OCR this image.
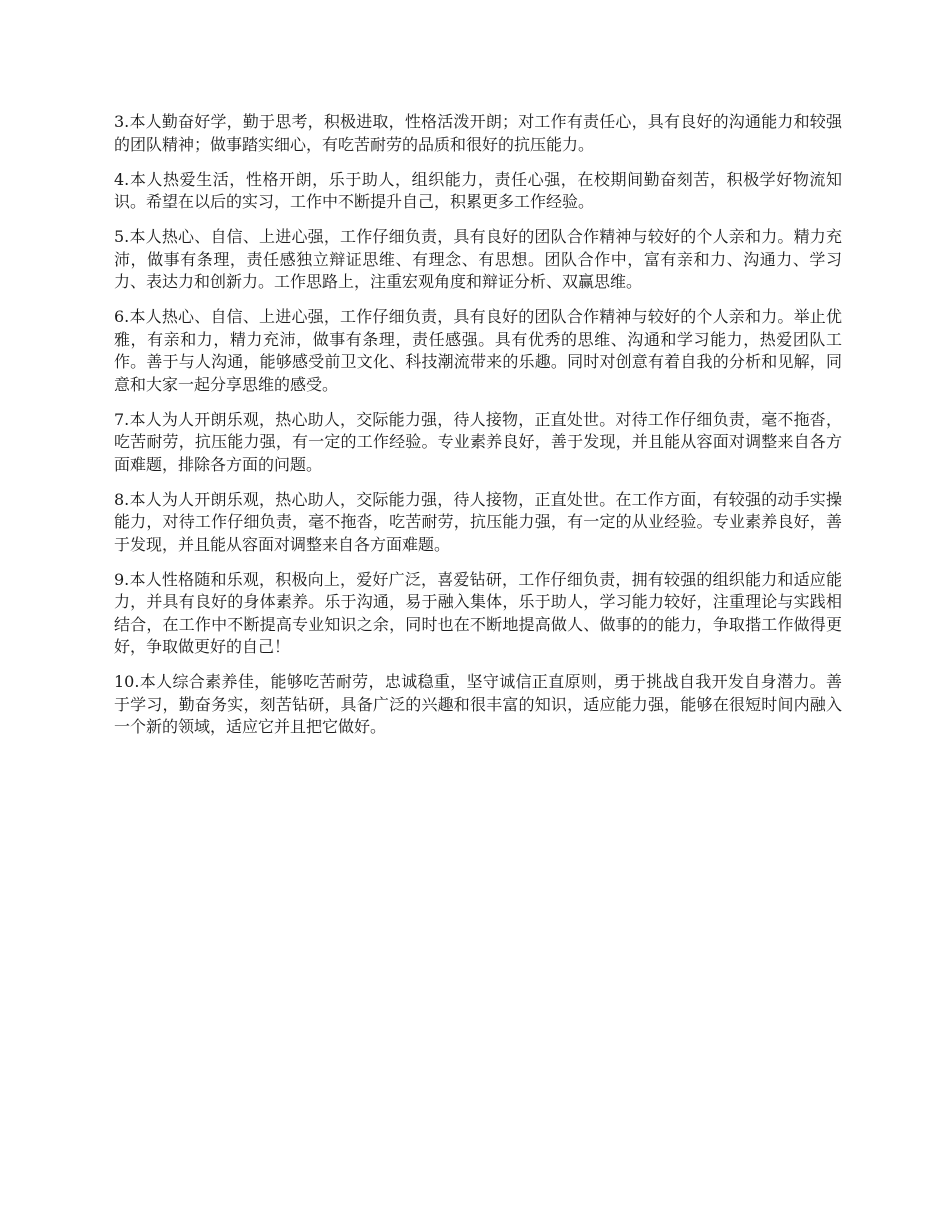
3.本人勤奋好学，勤于思考，积极进取，性格活泼开朗；对工作有责任心，具有良好的沟通能力和较强的团队精神；做事踏实细心，有吃苦耐劳的品质和很好的抗压能力。

4.本人热爱生活，性格开朗，乐于助人，组织能力，责任心强，在校期间勤奋刻苦，积极学好物流知识。希望在以后的实习，工作中不断提升自己，积累更多工作经验。

5.本人热心、自信、上进心强，工作仔细负责，具有良好的团队合作精神与较好的个人亲和力。精力充沛，做事有条理，责任感独立辩证思维、有理念、有思想。团队合作中，富有亲和力、沟通力、学习力、表达力和创新力。工作思路上，注重宏观角度和辩证分析、双赢思维。

6.本人热心、自信、上进心强，工作仔细负责，具有良好的团队合作精神与较好的个人亲和力。举止优雅，有亲和力，精力充沛，做事有条理，责任感强。具有优秀的思维、沟通和学习能力，热爱团队工作。善于与人沟通，能够感受前卫文化、科技潮流带来的乐趣。同时对创意有着自我的分析和见解，同意和大家一起分享思维的感受。

7.本人为人开朗乐观，热心助人，交际能力强，待人接物，正直处世。对待工作仔细负责，毫不拖沓，吃苦耐劳，抗压能力强，有一定的工作经验。专业素养良好，善于发现，并且能从容面对调整来自各方面难题，排除各方面的问题。

8.本人为人开朗乐观，热心助人，交际能力强，待人接物，正直处世。在工作方面，有较强的动手实操能力，对待工作仔细负责，毫不拖沓，吃苦耐劳，抗压能力强，有一定的从业经验。专业素养良好，善于发现，并且能从容面对调整来自各方面难题。

9.本人性格随和乐观，积极向上，爱好广泛，喜爱钻研，工作仔细负责，拥有较强的组织能力和适应能力，并具有良好的身体素养。乐于沟通，易于融入集体，乐于助人，学习能力较好，注重理论与实践相结合，在工作中不断提高专业知识之余，同时也在不断地提高做人、做事的的能力，争取揩工作做得更好，争取做更好的自己！

10.本人综合素养佳，能够吃苦耐劳，忠诚稳重，坚守诚信正直原则，勇于挑战自我开发自身潜力。善于学习，勤奋务实，刻苦钻研，具备广泛的兴趣和很丰富的知识，适应能力强，能够在很短时间内融入一个新的领域，适应它并且把它做好。
